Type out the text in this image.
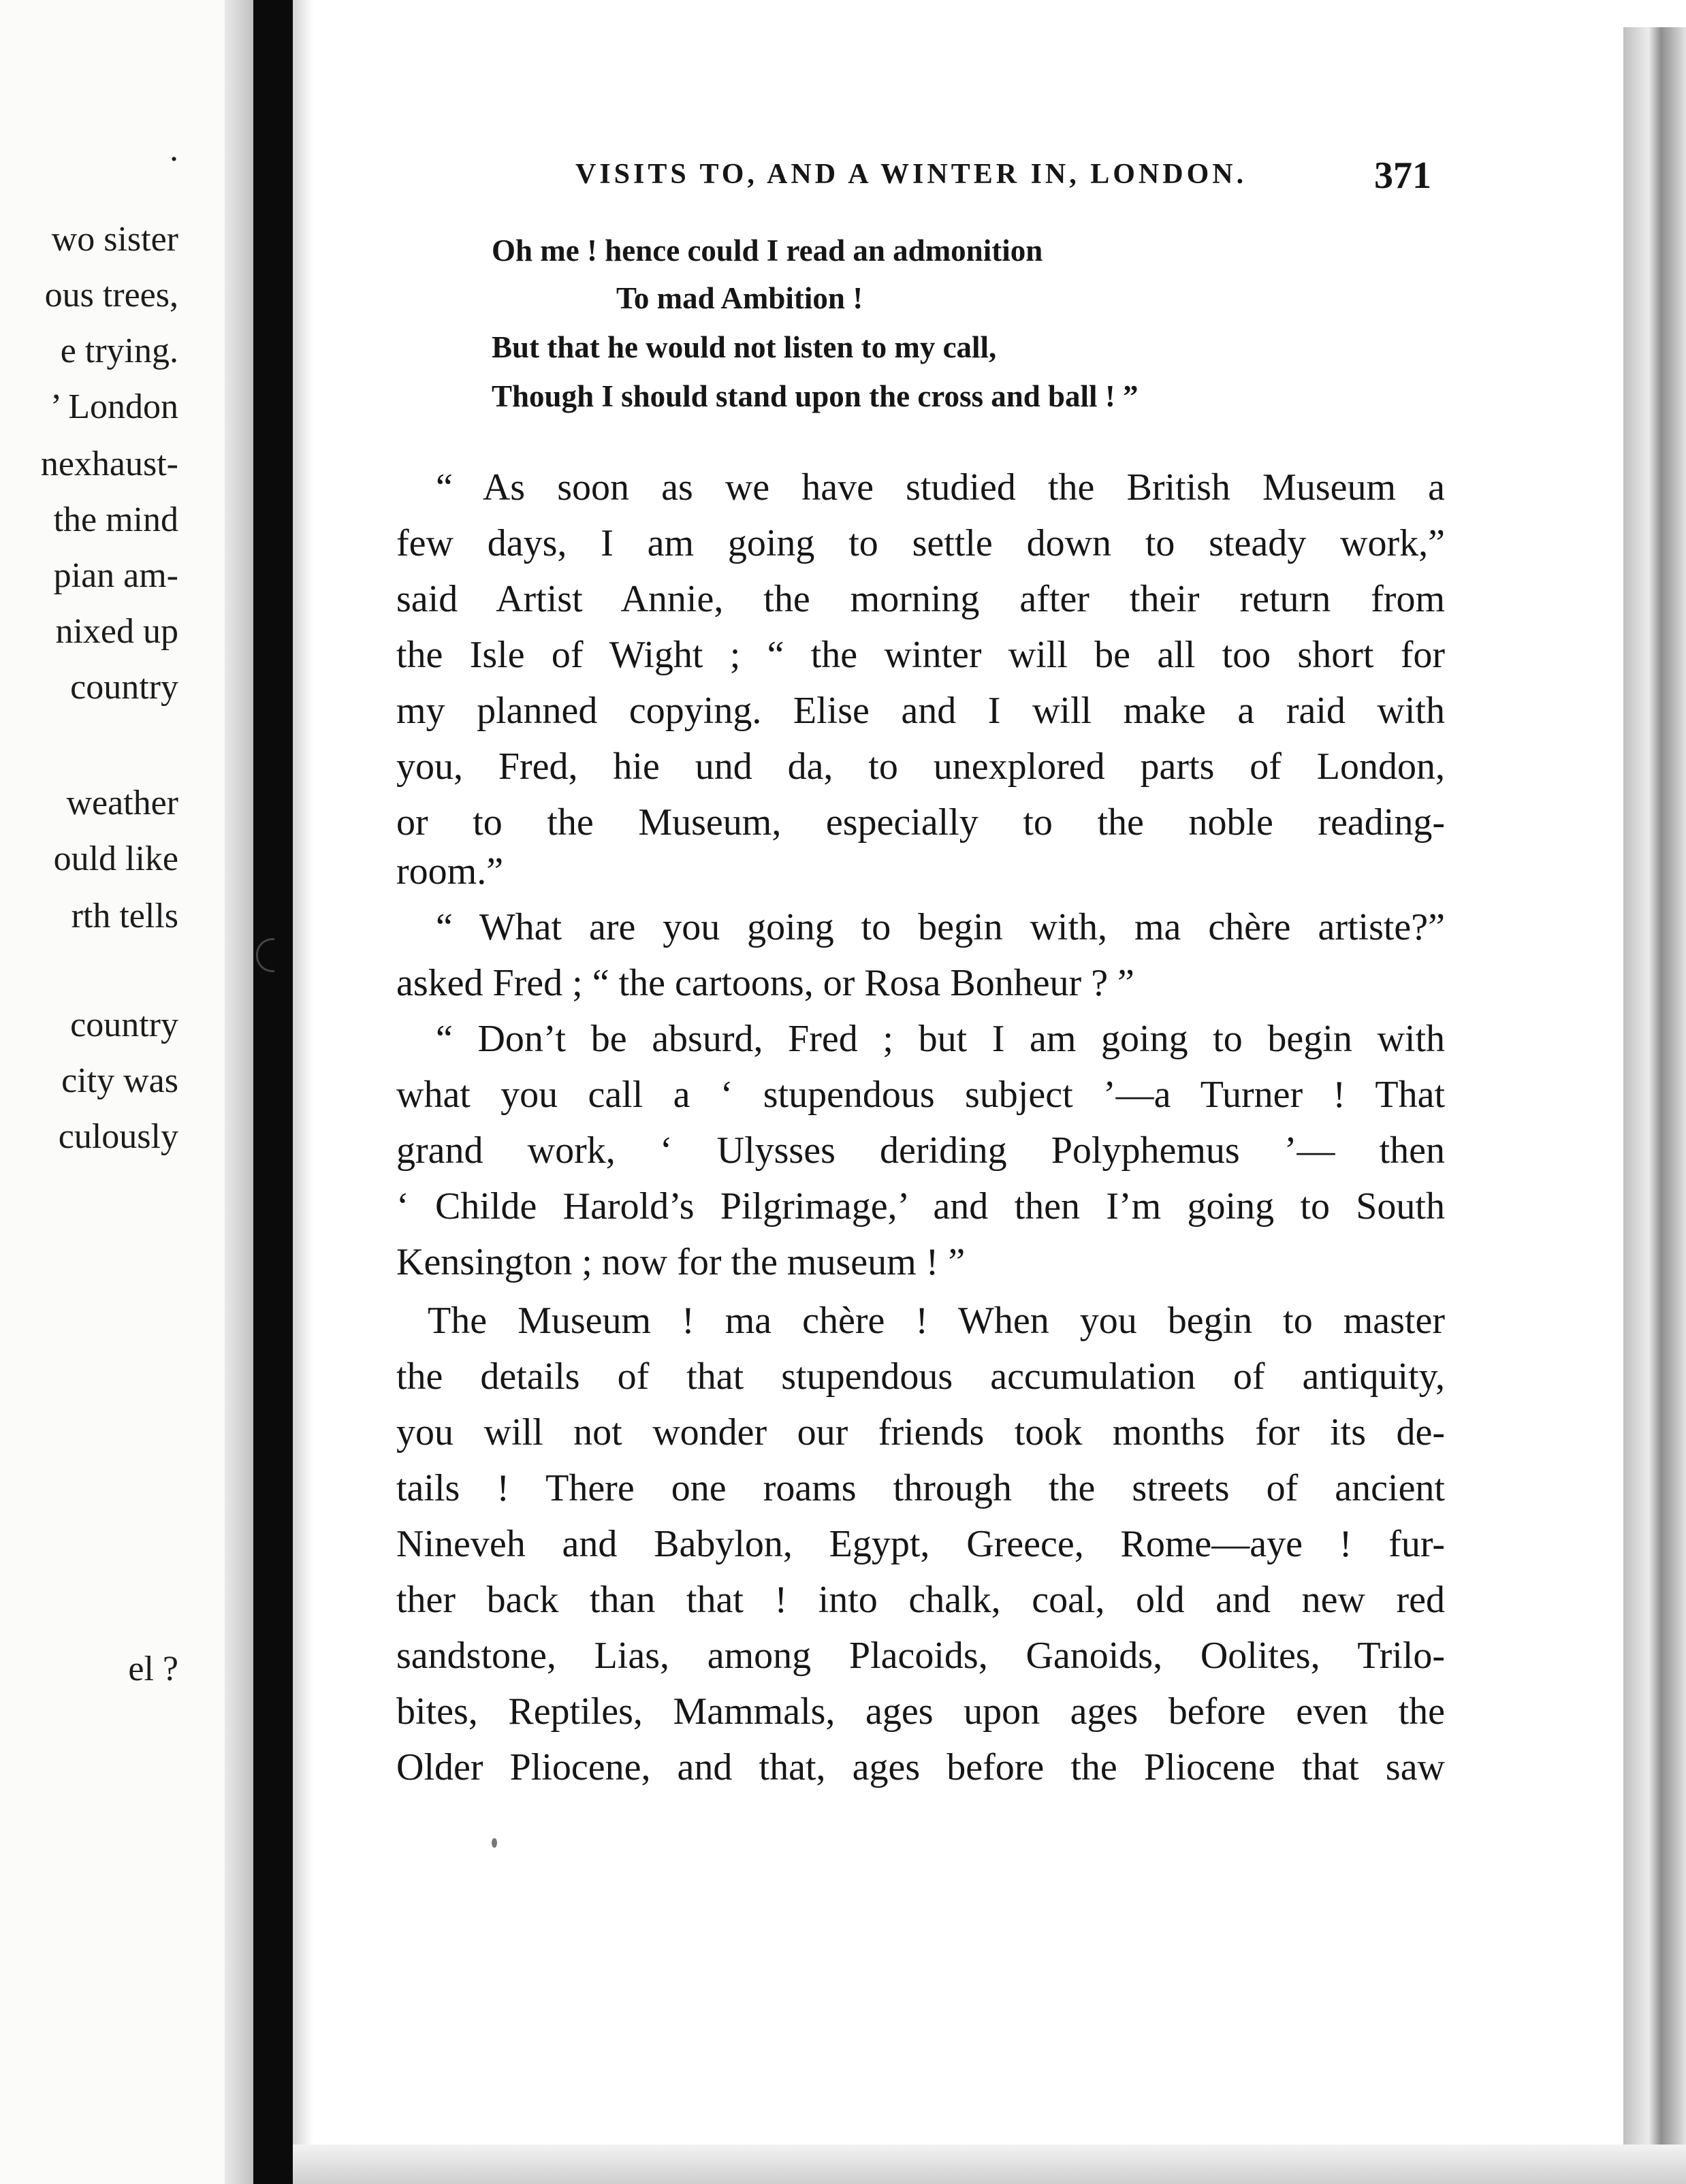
.
wo sister
ous trees,
e trying.
’ London
nexhaust-
the mind
pian am-
nixed up
country
weather
ould like
rth tells
country
city was
culously
el ?
VISITS TO, AND A WINTER IN, LONDON.	371
Oh me ! hence could I read an admonition
To mad Ambition !
But that he would not listen to my call,
Though I should stand upon the cross and ball ! ”
“ As soon as we have studied the British Museum a
few days, I am going to settle down to steady work,”
said Artist Annie, the morning after their return from
the Isle of Wight ; “ the winter will be all too short for
my planned copying. Elise and I will make a raid with
you, Fred, hie und da, to unexplored parts of London,
or to the Museum, especially to the noble reading-
room.”
“ What are you going to begin with, ma chère artiste?”
asked Fred ; “ the cartoons, or Rosa Bonheur ? ”
“ Don’t be absurd, Fred ; but I am going to begin with
what you call a ‘ stupendous subject ’—a Turner ! That
grand work, ‘ Ulysses deriding Polyphemus ’— then
‘ Childe Harold’s Pilgrimage,’ and then I’m going to South
Kensington ; now for the museum ! ”
The Museum ! ma chère ! When you begin to master
the details of that stupendous accumulation of antiquity,
you will not wonder our friends took months for its de-
tails ! There one roams through the streets of ancient
Nineveh and Babylon, Egypt, Greece, Rome—aye ! fur-
ther back than that ! into chalk, coal, old and new red
sandstone, Lias, among Placoids, Ganoids, Oolites, Trilo-
bites, Reptiles, Mammals, ages upon ages before even the
Older Pliocene, and that, ages before the Pliocene that saw
